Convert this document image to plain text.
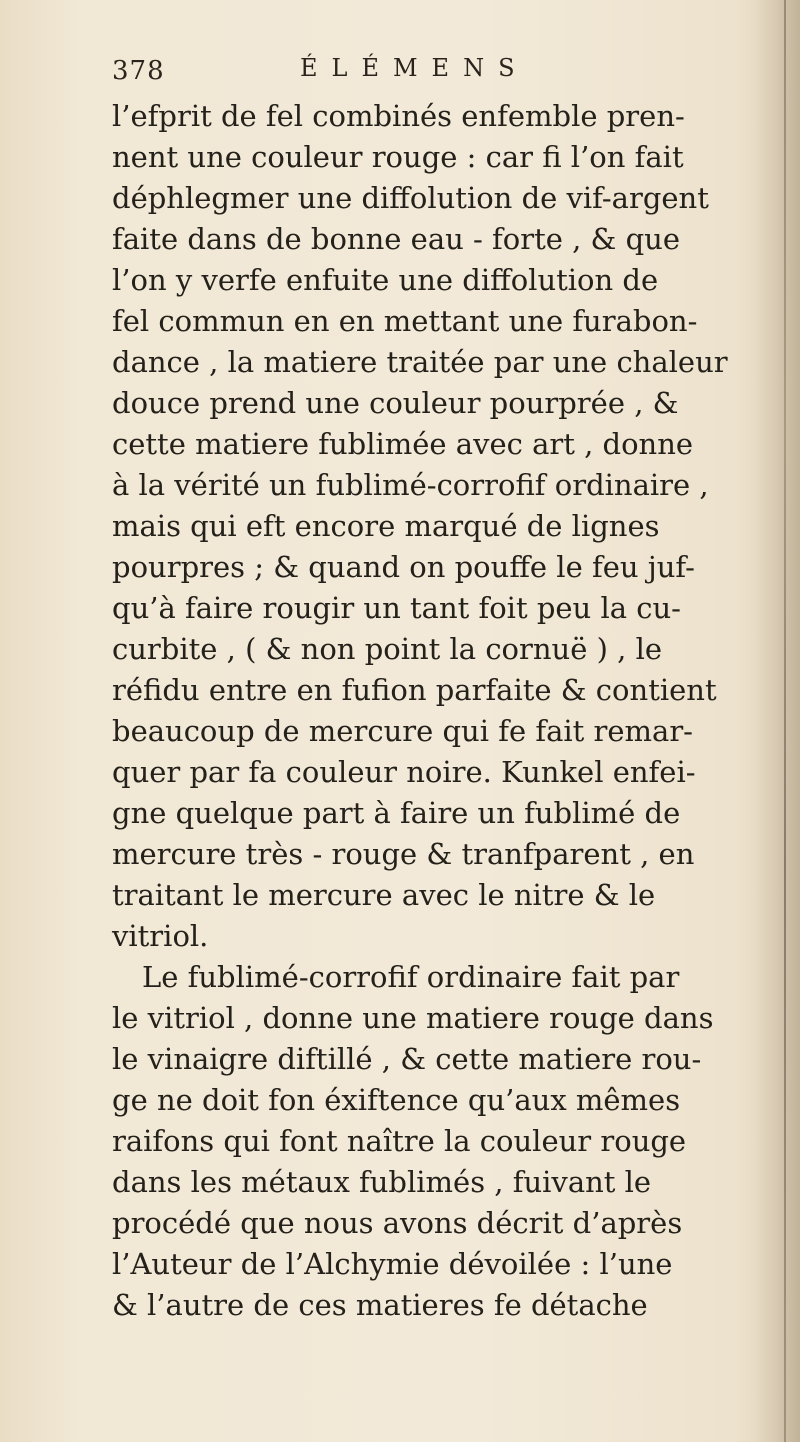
378	ÉLÉMENS
l’efprit de fel combinés enfemble pren-
nent une couleur rouge : car fi l’on fait
déphlegmer une diffolution de vif-argent
faite dans de bonne eau - forte , & que
l’on y verfe enfuite une diffolution de
fel commun en en mettant une furabon-
dance , la matiere traitée par une chaleur
douce prend une couleur pourprée , &
cette matiere fublimée avec art , donne
à la vérité un fublimé-corrofif ordinaire ,
mais qui eft encore marqué de lignes
pourpres ; & quand on pouffe le feu juf-
qu’à faire rougir un tant foit peu la cu-
curbite , ( & non point la cornuë ) , le
réfidu entre en fufion parfaite & contient
beaucoup de mercure qui fe fait remar-
quer par fa couleur noire. Kunkel enfei-
gne quelque part à faire un fublimé de
mercure très - rouge & tranfparent , en
traitant le mercure avec le nitre & le
vitriol.
Le fublimé-corrofif ordinaire fait par
le vitriol , donne une matiere rouge dans
le vinaigre diftillé , & cette matiere rou-
ge ne doit fon éxiftence qu’aux mêmes
raifons qui font naître la couleur rouge
dans les métaux fublimés , fuivant le
procédé que nous avons décrit d’après
l’Auteur de l’Alchymie dévoilée : l’une
& l’autre de ces matieres fe détache
